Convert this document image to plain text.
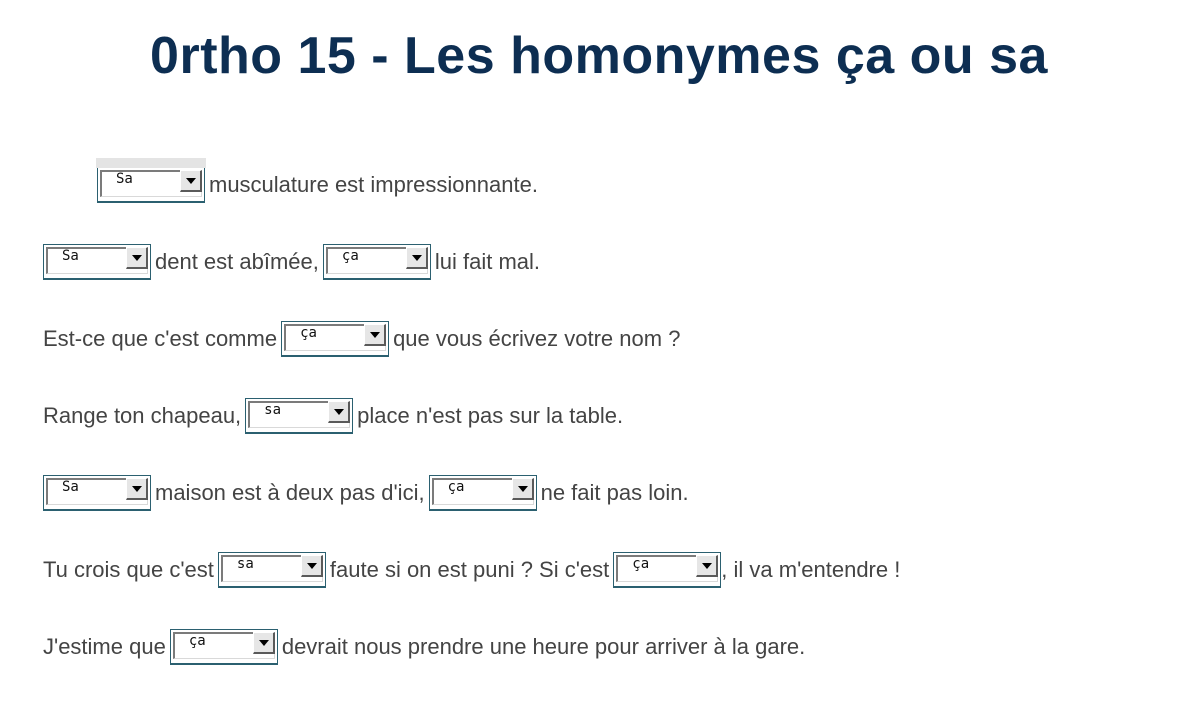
0rtho 15 - Les homonymes ça ou sa
Sa	musculature est impressionnante.
Sa	dent est abîmée, ça	lui fait mal.
Est-ce que c'est comme ça	que vous écrivez votre nom ?
Range ton chapeau, sa	place n'est pas sur la table.
Sa	maison est à deux pas d'ici, ça	ne fait pas loin.
Tu crois que c'est sa	faute si on est puni ? Si c'est ça	, il va m'entendre !
J'estime que ça	devrait nous prendre une heure pour arriver à la gare.
